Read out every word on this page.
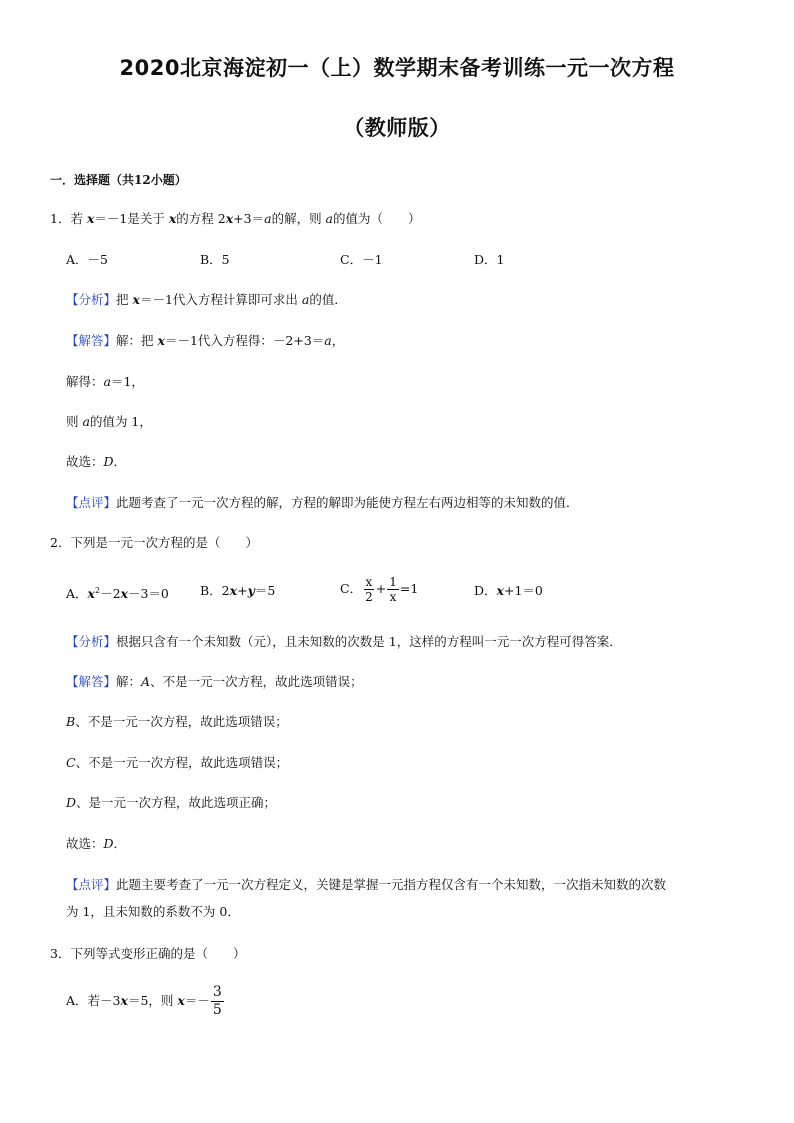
2020北京海淀初一（上）数学期末备考训练一元一次方程
（教师版）
一．选择题（共12小题）
1．若 x＝－1是关于 x的方程 2x+3＝a的解，则 a的值为（　　）
A．－5	B．5	C．－1	D．1
【分析】把 x＝－1代入方程计算即可求出 a的值．
【解答】解：把 x＝－1代入方程得：－2+3＝a，
解得：a＝1，
则 a的值为 1，
故选：D．
【点评】此题考查了一元一次方程的解，方程的解即为能使方程左右两边相等的未知数的值．
2．下列是一元一次方程的是（　　）
A．$x^2-2x-3=0$ B．2x+y＝5	C． $\frac{x}{2} + \frac{1}{x} =1$	D．x+1＝0
【分析】根据只含有一个未知数（元），且未知数的次数是 1，这样的方程叫一元一次方程可得答案．
【解答】解：A、不是一元一次方程，故此选项错误；
B、不是一元一次方程，故此选项错误；
C、不是一元一次方程，故此选项错误；
D、是一元一次方程，故此选项正确；
故选：D．
【点评】此题主要考查了一元一次方程定义，关键是掌握一元指方程仅含有一个未知数，一次指未知数的次数
为 1，且未知数的系数不为 0．
3．下列等式变形正确的是（　　）
A．若－3x＝5，则 $x=- \frac{3}{5}$
